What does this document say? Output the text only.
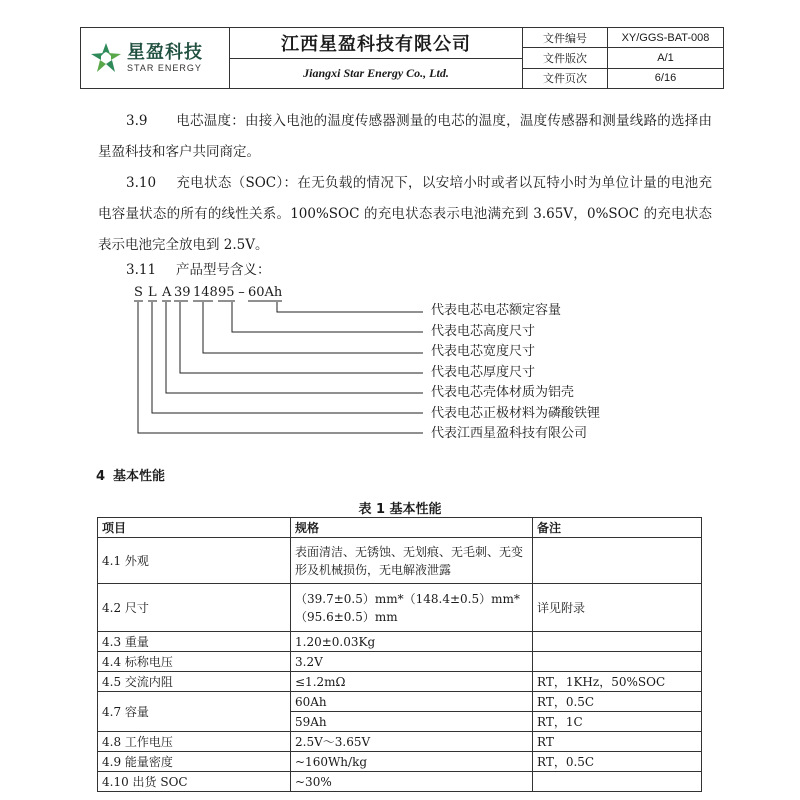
星盈科技
STAR ENERGY
江西星盈科技有限公司
Jiangxi Star Energy Co., Ltd.
文件编号	XY/GGS-BAT-008
文件版次	A/1
文件页次	6/16
3.9 电芯温度：由接入电池的温度传感器测量的电芯的温度，温度传感器和测量线路的选择由星盈科技和客户共同商定。
3.10 充电状态（SOC）：在无负载的情况下，以安培小时或者以瓦特小时为单位计量的电池充电容量状态的所有的线性关系。100%SOC 的充电状态表示电池满充到 3.65V，0%SOC 的充电状态表示电池完全放电到 2.5V。
3.11 产品型号含义：
S L A 39 14895 – 60Ah
代表电芯电芯额定容量
代表电芯高度尺寸
代表电芯宽度尺寸
代表电芯厚度尺寸
代表电芯壳体材质为铝壳
代表电芯正极材料为磷酸铁锂
代表江西星盈科技有限公司
4 基本性能
表 1 基本性能
项目	规格	备注
4.1 外观	表面清洁、无锈蚀、无划痕、无毛刺、无变形及机械损伤，无电解液泄露	
4.2 尺寸	（39.7±0.5）mm*（148.4±0.5）mm*（95.6±0.5）mm	详见附录
4.3 重量	1.20±0.03Kg	
4.4 标称电压	3.2V	
4.5 交流内阻	≤1.2mΩ	RT，1KHz，50%SOC
4.7 容量	60Ah	RT，0.5C
	59Ah	RT，1C
4.8 工作电压	2.5V～3.65V	RT
4.9 能量密度	~160Wh/kg	RT，0.5C
4.10 出货 SOC	~30%	
